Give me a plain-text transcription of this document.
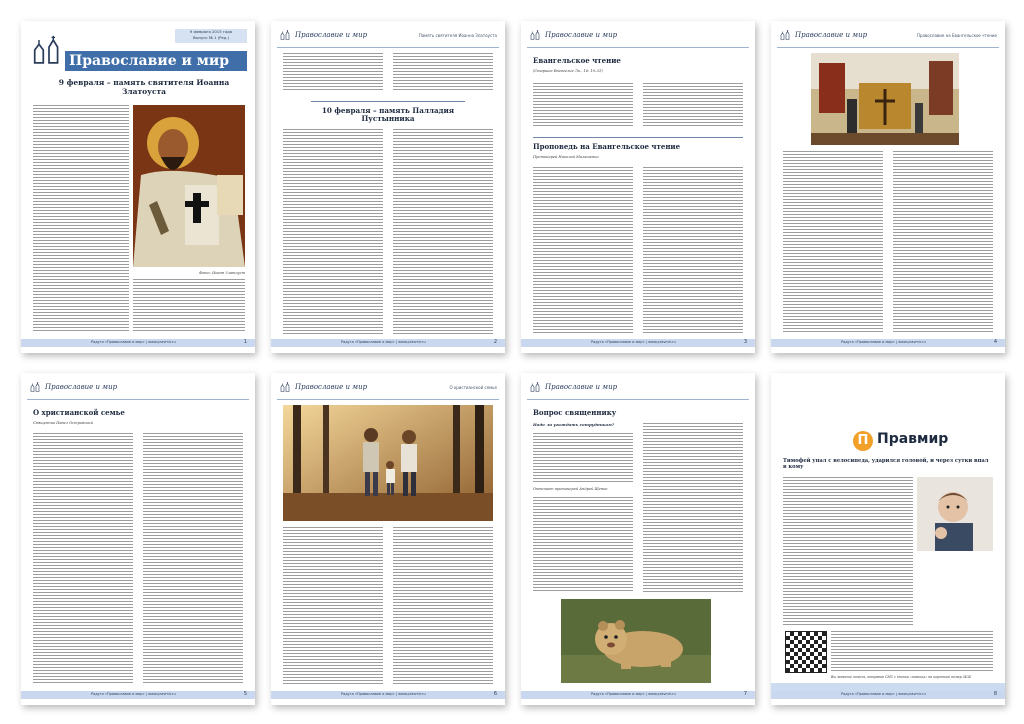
9 февраля 2015 года
Выпуск № 1 (Ред.)
Православие и мир
9 февраля – память святителя Иоанна Златоуста
Фото: Иоанн Златоуст
Радуга «Православие и мир» | www.pravmir.ru	1
Православие и мир	Память святителя Иоанна Златоуста
10 февраля – память Палладия Пустынника
Радуга «Православие и мир» | www.pravmir.ru	2
Православие и мир
Евангельское чтение
(Старшее Евангелие Лк., 16: 19–31)
Проповедь на Евангельское чтение
Протоиерей Николай Малашенко
Радуга «Православие и мир» | www.pravmir.ru	3
Православие и мир	Православие на Евангельское чтение
Радуга «Православие и мир» | www.pravmir.ru	4
Православие и мир
О христианской семье
Священник Павел Островский
Радуга «Православие и мир» | www.pravmir.ru	5
Православие и мир	О христианской семье
Радуга «Православие и мир» | www.pravmir.ru	6
Православие и мир
Вопрос священнику
Надо ли угождать сотрудникам?
Отвечает протоиерей Андрей Щенко
Радуга «Православие и мир» | www.pravmir.ru	7
П Правмир
Тимофей упал с велосипеда, ударился головой, и через сутки впал в кому
Вы можете помочь, отправив СМС с кнопки «помощь» на короткий номер 3434
Радуга «Православие и мир» | www.pravmir.ru	8
